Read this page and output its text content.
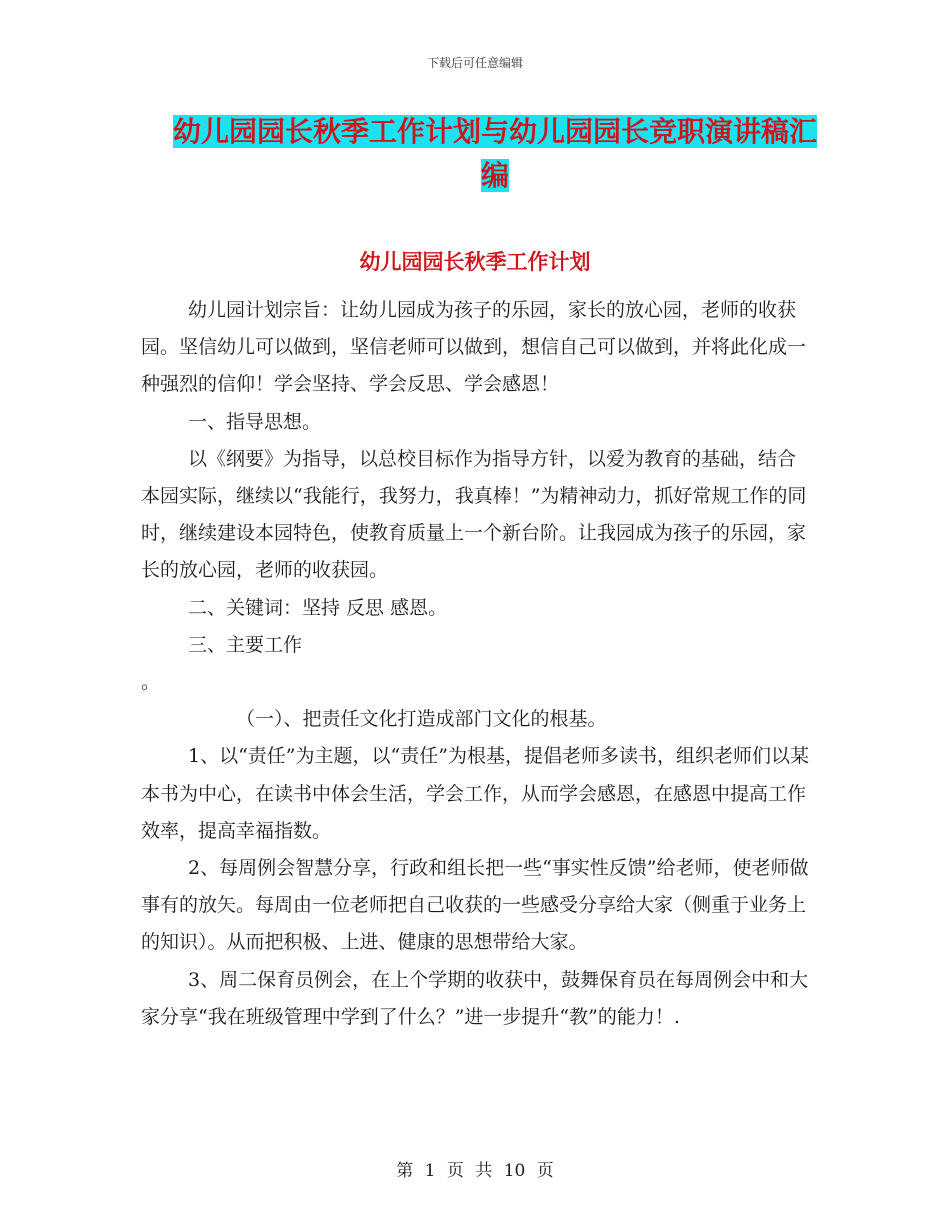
下载后可任意编辑
幼儿园园长秋季工作计划与幼儿园园长竞职演讲稿汇
编
幼儿园园长秋季工作计划

幼儿园计划宗旨：让幼儿园成为孩子的乐园，家长的放心园，老师的收获园。坚信幼儿可以做到，坚信老师可以做到，想信自己可以做到，并将此化成一种强烈的信仰！学会坚持、学会反思、学会感恩！

一、指导思想。

以《纲要》为指导，以总校目标作为指导方针，以爱为教育的基础，结合本园实际，继续以“我能行，我努力，我真棒！”为精神动力，抓好常规工作的同时，继续建设本园特色，使教育质量上一个新台阶。让我园成为孩子的乐园，家长的放心园，老师的收获园。

二、关键词：坚持 反思 感恩。

三、主要工作

。

（一）、把责任文化打造成部门文化的根基。

1、以“责任”为主题，以“责任”为根基，提倡老师多读书，组织老师们以某本书为中心，在读书中体会生活，学会工作，从而学会感恩，在感恩中提高工作效率，提高幸福指数。

2、每周例会智慧分享，行政和组长把一些“事实性反馈”给老师，使老师做事有的放矢。每周由一位老师把自己收获的一些感受分享给大家（侧重于业务上的知识）。从而把积极、上进、健康的思想带给大家。

3、周二保育员例会，在上个学期的收获中，鼓舞保育员在每周例会中和大家分享“我在班级管理中学到了什么？”进一步提升“教”的能力！.

第 1 页 共 10 页
